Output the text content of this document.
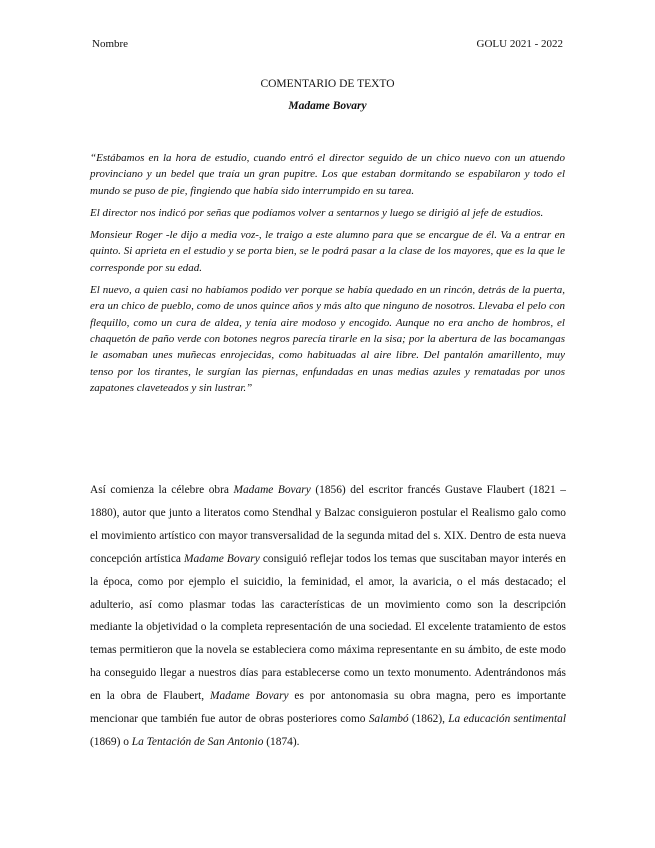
Nombre	GOLU 2021 - 2022
COMENTARIO DE TEXTO
Madame Bovary

“Estábamos en la hora de estudio, cuando entró el director seguido de un chico nuevo con un atuendo provinciano y un bedel que traía un gran pupitre. Los que estaban dormitando se espabilaron y todo el mundo se puso de pie, fingiendo que había sido interrumpido en su tarea.

El director nos indicó por señas que podíamos volver a sentarnos y luego se dirigió al jefe de estudios.

Monsieur Roger -le dijo a media voz-, le traigo a este alumno para que se encargue de él. Va a entrar en quinto. Si aprieta en el estudio y se porta bien, se le podrá pasar a la clase de los mayores, que es la que le corresponde por su edad.

El nuevo, a quien casi no habíamos podido ver porque se había quedado en un rincón, detrás de la puerta, era un chico de pueblo, como de unos quince años y más alto que ninguno de nosotros. Llevaba el pelo con flequillo, como un cura de aldea, y tenía aire modoso y encogido. Aunque no era ancho de hombros, el chaquetón de paño verde con botones negros parecía tirarle en la sisa; por la abertura de las bocamangas le asomaban unes muñecas enrojecidas, como habituadas al aire libre. Del pantalón amarillento, muy tenso por los tirantes, le surgían las piernas, enfundadas en unas medias azules y rematadas por unos zapatones claveteados y sin lustrar.”

Así comienza la célebre obra Madame Bovary (1856) del escritor francés Gustave Flaubert (1821 – 1880), autor que junto a literatos como Stendhal y Balzac consiguieron postular el Realismo galo como el movimiento artístico con mayor transversalidad de la segunda mitad del s. XIX. Dentro de esta nueva concepción artística Madame Bovary consiguió reflejar todos los temas que suscitaban mayor interés en la época, como por ejemplo el suicidio, la feminidad, el amor, la avaricia, o el más destacado; el adulterio, así como plasmar todas las características de un movimiento como son la descripción mediante la objetividad o la completa representación de una sociedad. El excelente tratamiento de estos temas permitieron que la novela se estableciera como máxima representante en su ámbito, de este modo ha conseguido llegar a nuestros días para establecerse como un texto monumento. Adentrándonos más en la obra de Flaubert, Madame Bovary es por antonomasia su obra magna, pero es importante mencionar que también fue autor de obras posteriores como Salambó (1862), La educación sentimental (1869) o La Tentación de San Antonio (1874).
